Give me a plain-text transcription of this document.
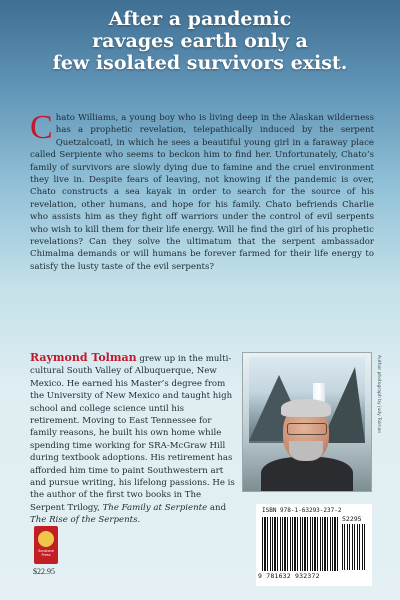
After a pandemic
ravages earth only a
few isolated survivors exist.

Chato Williams, a young boy who is living deep in the Alaskan wilderness has a prophetic revelation, telepathically induced by the serpent Quetzalcoatl, in which he sees a beautiful young girl in a faraway place called Serpiente who seems to beckon him to find her. Unfortunately, Chato’s family of survivors are slowly dying due to famine and the cruel environment they live in. Despite fears of leaving, not knowing if the pandemic is over, Chato constructs a sea kayak in order to search for the source of his revelation, other humans, and hope for his family. Chato befriends Charlie who assists him as they fight off warriors under the control of evil serpents who wish to kill them for their life energy. Will he find the girl of his prophetic revelations? Can they solve the ultimatum that the serpent ambassador Chimalma demands or will humans be forever farmed for their life energy to satisfy the lusty taste of the evil serpents?

Raymond Tolman grew up in the multi-cultural South Valley of Albuquerque, New Mexico. He earned his Master’s degree from the University of New Mexico and taught high school and college science until his retirement. Moving to East Tennessee for family reasons, he built his own home while spending time working for SRA-McGraw Hill during textbook adoptions. His retirement has afforded him time to paint Southwestern art and pursue writing, his lifelong passions. He is the author of the first two books in The Serpent Trilogy, The Family at Serpiente and The Rise of the Serpents.

Author photograph by Judy Tolman
Sunstone
Press
$22.95
ISBN 978-1-63293-237-2
9 781632 932372
52295
